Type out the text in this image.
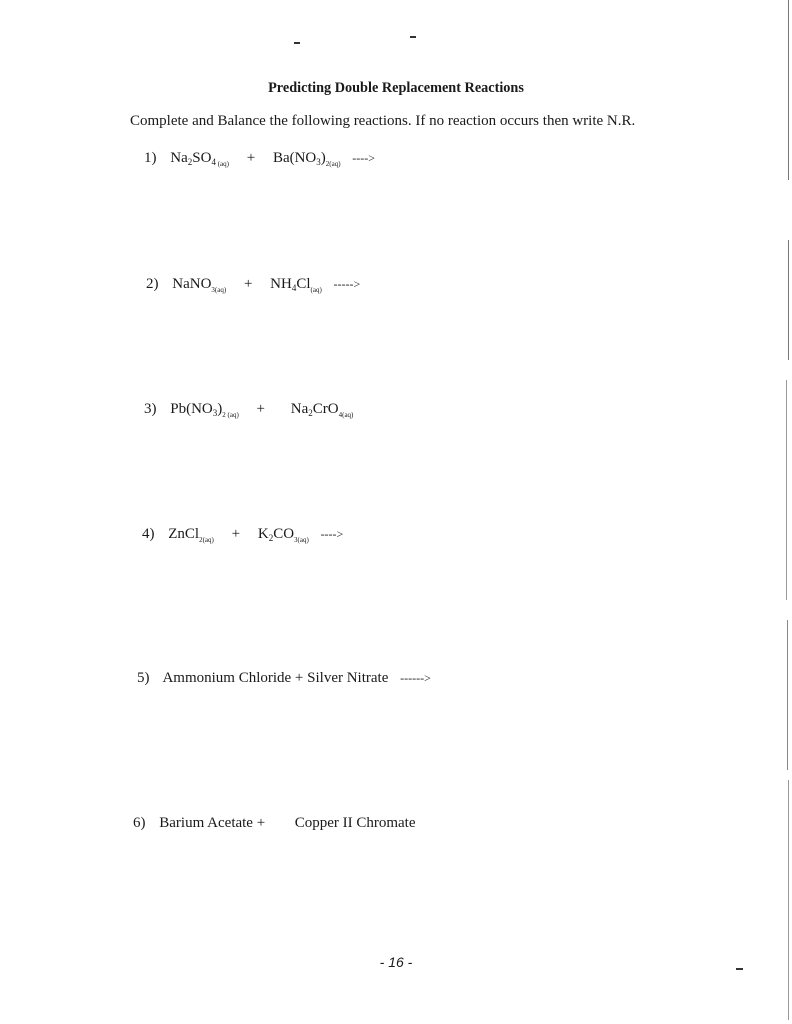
Predicting Double Replacement Reactions
Complete and Balance the following reactions. If no reaction occurs then write N.R.
1) $Na_2SO_4$ $_{(aq)} + Ba(NO_3)_{2(aq)}$ ---->
2) NaNO$_{3(aq)}$ + $NH_4Cl_{(aq)}$ ----->
3) $Pb(NO_3)_{2 (aq)} + Na_2CrO_{4(aq)}$
4) ZnCl$_{2(aq)}$ + $K_2CO_{3(aq)}$ ---->
5) Ammonium Chloride + Silver Nitrate ------>
6) Barium Acetate + Copper II Chromate
- 16 -
